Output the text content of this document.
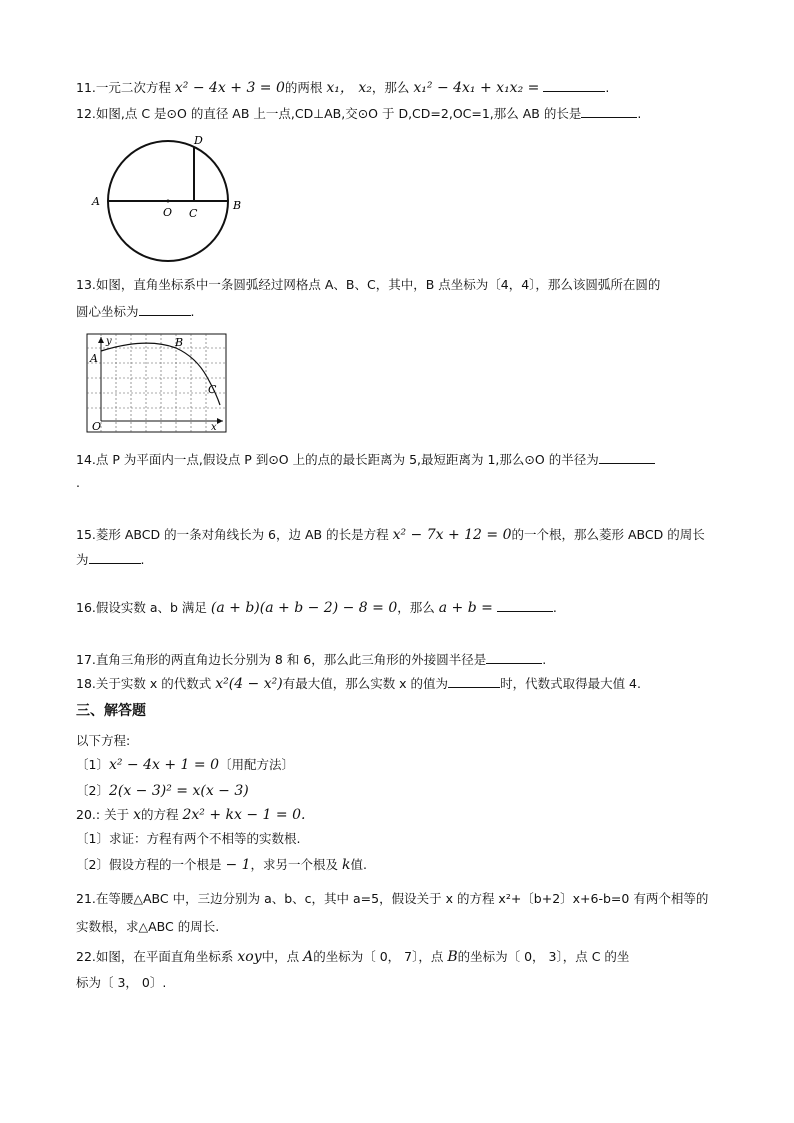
11.一元二次方程 x² − 4x + 3 = 0的两根 x₁， x₂，那么 x₁² − 4x₁ + x₁x₂ =	.
12.如图,点 C 是⊙O 的直径 AB 上一点,CD⊥AB,交⊙O 于 D,CD=2,OC=1,那么 AB 的长是	.
A	B
O C
D
13.如图，直角坐标系中一条圆弧经过网格点 A、B、C，其中，B 点坐标为〔4，4〕，那么该圆弧所在圆的
圆心坐标为	.
y
A
B
C
O	x
14.点 P 为平面内一点,假设点 P 到⊙O 上的点的最长距离为 5,最短距离为 1,那么⊙O 的半径为
.
15.菱形 ABCD 的一条对角线长为 6，边 AB 的长是方程 x² − 7x + 12 = 0的一个根，那么菱形 ABCD 的周长
为	.
16.假设实数 a、b 满足 (a + b)(a + b − 2) − 8 = 0，那么 a + b =	.
17.直角三角形的两直角边长分别为 8 和 6，那么此三角形的外接圆半径是	.
18.关于实数 x 的代数式 x²(4 − x²)有最大值，那么实数 x 的值为	时，代数式取得最大值 4.
三、解答题
以下方程:
〔1〕x² − 4x + 1 = 0〔用配方法〕
〔2〕2(x − 3)² = x(x − 3)
20.: 关于 x的方程 2x² + kx − 1 = 0.
〔1〕求证：方程有两个不相等的实数根.
〔2〕假设方程的一个根是 − 1，求另一个根及 k值.
21.在等腰△ABC 中，三边分别为 a、b、c，其中 a=5，假设关于 x 的方程 x²+〔b+2〕x+6-b=0 有两个相等的
实数根，求△ABC 的周长.
22.如图，在平面直角坐标系 xoy中，点 A的坐标为〔 0， 7〕，点 B的坐标为〔 0， 3〕，点 C 的坐
标为〔 3， 0〕.
